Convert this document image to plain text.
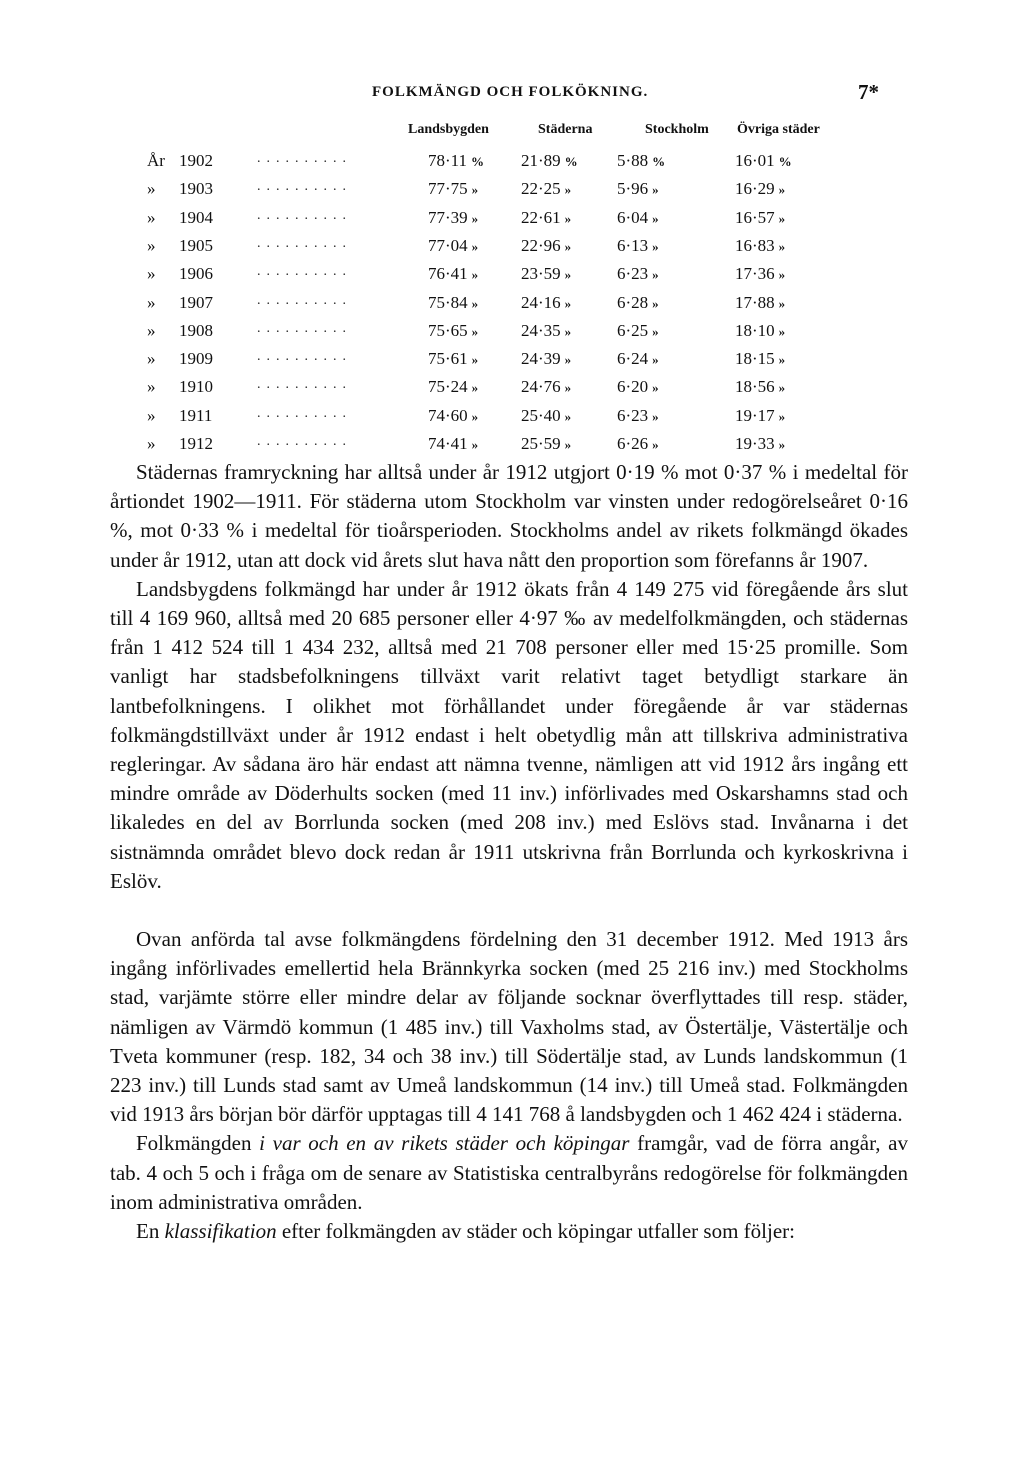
FOLKMÄNGD OCH FOLKÖKNING.	7*
Landsbygden	Städerna	Stockholm Övriga städer
År 1902	..........	78·11 % 21·89 % 5·88 %	16·01 %
» 1903	..........	77·75 »	22·25 »	5·96 »	16·29 »
» 1904	..........	77·39 »	22·61 »	6·04 »	16·57 »
» 1905	..........	77·04 »	22·96 »	6·13 »	16·83 »
» 1906	..........	76·41 »	23·59 »	6·23 »	17·36 »
» 1907	..........	75·84 »	24·16 »	6·28 »	17·88 »
» 1908	..........	75·65 »	24·35 »	6·25 »	18·10 »
» 1909	..........	75·61 »	24·39 »	6·24 »	18·15 »
» 1910	..........	75·24 »	24·76 »	6·20 »	18·56 »
» 1911	..........	74·60 »	25·40 »	6·23 »	19·17 »
» 1912	..........	74·41 »	25·59 »	6·26 »	19·33 »

Städernas framryckning har alltså under år 1912 utgjort 0·19 % mot 0·37 % i medeltal för årtiondet 1902—1911. För städerna utom Stockholm var vinsten under redogörelseåret 0·16 %, mot 0·33 % i medeltal för tioårsperioden. Stockholms andel av rikets folkmängd ökades under år 1912, utan att dock vid årets slut hava nått den proportion som förefanns år 1907.

Landsbygdens folkmängd har under år 1912 ökats från 4 149 275 vid föregående års slut till 4 169 960, alltså med 20 685 personer eller 4·97 ‰ av medelfolkmängden, och städernas från 1 412 524 till 1 434 232, alltså med 21 708 personer eller med 15·25 promille. Som vanligt har stadsbefolkningens tillväxt varit relativt taget betydligt starkare än lantbefolkningens. I olikhet mot förhållandet under föregående år var städernas folkmängdstillväxt under år 1912 endast i helt obetydlig mån att tillskriva administrativa regleringar. Av sådana äro här endast att nämna tvenne, nämligen att vid 1912 års ingång ett mindre område av Döderhults socken (med 11 inv.) införlivades med Oskarshamns stad och likaledes en del av Borrlunda socken (med 208 inv.) med Eslövs stad. Invånarna i det sistnämnda området blevo dock redan år 1911 utskrivna från Borrlunda och kyrkoskrivna i Eslöv.

Ovan anförda tal avse folkmängdens fördelning den 31 december 1912. Med 1913 års ingång införlivades emellertid hela Brännkyrka socken (med 25 216 inv.) med Stockholms stad, varjämte större eller mindre delar av följande socknar överflyttades till resp. städer, nämligen av Värmdö kommun (1 485 inv.) till Vaxholms stad, av Östertälje, Västertälje och Tveta kommuner (resp. 182, 34 och 38 inv.) till Södertälje stad, av Lunds landskommun (1 223 inv.) till Lunds stad samt av Umeå landskommun (14 inv.) till Umeå stad. Folkmängden vid 1913 års början bör därför upptagas till 4 141 768 å landsbygden och 1 462 424 i städerna.

Folkmängden i var och en av rikets städer och köpingar framgår, vad de förra angår, av tab. 4 och 5 och i fråga om de senare av Statistiska centralbyråns redogörelse för folkmängden inom administrativa områden.

En klassifikation efter folkmängden av städer och köpingar utfaller som följer:
